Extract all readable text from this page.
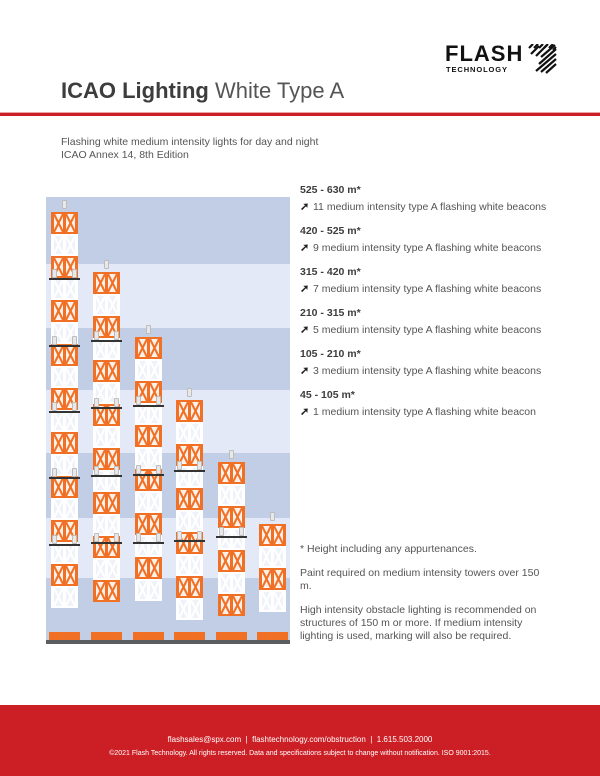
FLASH
TECHNOLOGY
ICAO Lighting White Type A
Flashing white medium intensity lights for day and night
ICAO Annex 14, 8th Edition
525 - 630 m*
➚ 11 medium intensity type A flashing white beacons
420 - 525 m*
➚ 9 medium intensity type A flashing white beacons
315 - 420 m*
➚ 7 medium intensity type A flashing white beacons
210 - 315 m*
➚ 5 medium intensity type A flashing white beacons
105 - 210 m*
➚ 3 medium intensity type A flashing white beacons
45 - 105 m*
➚ 1 medium intensity type A flashing white beacon

* Height including any appurtenances.

Paint required on medium intensity towers over 150 m.

High intensity obstacle lighting is recommended on structures of 150 m or more. If medium intensity lighting is used, marking will also be required.

flashsales@spx.com  |  flashtechnology.com/obstruction  |  1.615.503.2000
©2021 Flash Technology. All rights reserved. Data and specifications subject to change without notification. ISO 9001:2015.
